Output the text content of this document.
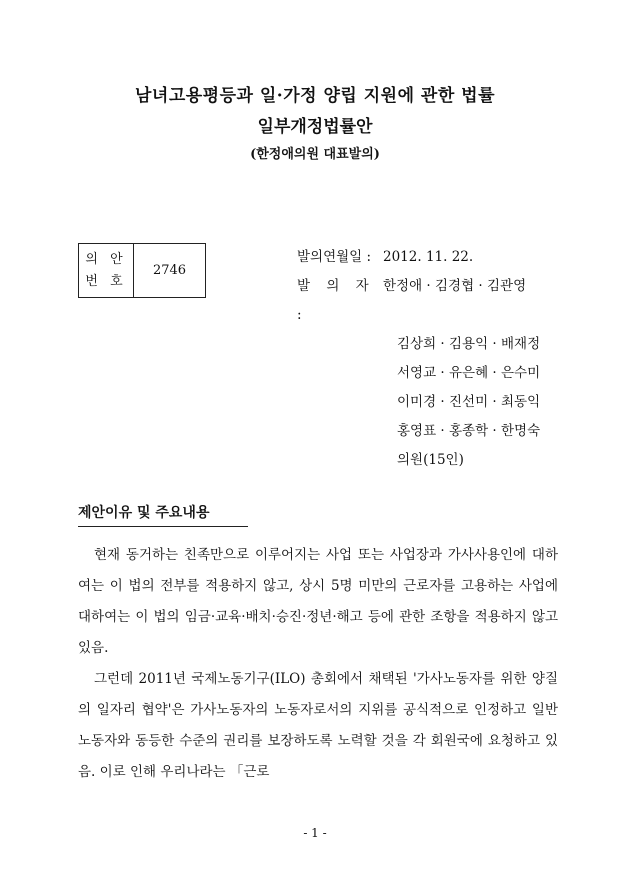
남녀고용평등과 일·가정 양립 지원에 관한 법률
일부개정법률안
(한정애의원 대표발의)
의 안 번 호	2746
발의연월일 : 2012. 11. 22.
발 의 자 :
한정애 · 김경협 · 김관영
김상희 · 김용익 · 배재정
서영교 · 유은혜 · 은수미
이미경 · 진선미 · 최동익
홍영표 · 홍종학 · 한명숙
의원(15인)
제안이유 및 주요내용

현재 동거하는 친족만으로 이루어지는 사업 또는 사업장과 가사사용인에 대하여는 이 법의 전부를 적용하지 않고, 상시 5명 미만의 근로자를 고용하는 사업에 대하여는 이 법의 임금·교육·배치·승진·정년·해고 등에 관한 조항을 적용하지 않고 있음.

그런데 2011년 국제노동기구(ILO) 총회에서 채택된 '가사노동자를 위한 양질의 일자리 협약'은 가사노동자의 노동자로서의 지위를 공식적으로 인정하고 일반 노동자와 동등한 수준의 권리를 보장하도록 노력할 것을 각 회원국에 요청하고 있음. 이로 인해 우리나라는 「근로

- 1 -
